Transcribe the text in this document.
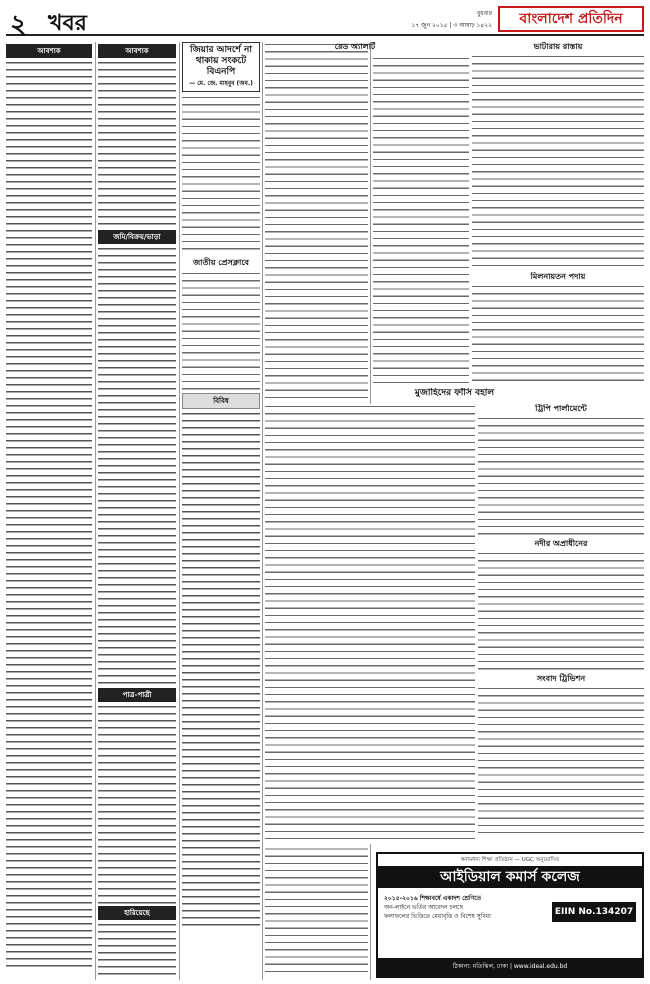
২ খবর	বুধবার
১৭ জুন ২০১৫ | ৩ আষাঢ় ১৪২২	বাংলাদেশ প্রতিদিন
আবশ্যক	আবশ্যক
জমি/বিক্রয়/ভাড়া
পাত্র-পাত্রী
হারিয়েছে
জিয়ার আদর্শে না থাকায় সংকটে বিএনপি
— মে. জে. মাহবুব (অব.)
জাতীয় প্রেসক্লাবে
বিবিধ
রেড অ্যালার্ট	ভাটারায় রাস্তায়
মিলনায়তন পদায়
মুজাহিদের ফাঁসি বহাল
ট্রিপি পার্লামেন্টে
নদীর অপ্রাধীনের
সংবাদ ট্রিভিশন
স্বনামধন্য শিক্ষা প্রতিষ্ঠান — UGC অনুমোদিত
আইডিয়াল কমার্স কলেজ
EIIN No.134207
২০১৫-২০১৬ শিক্ষাবর্ষে একাদশ শ্রেণিতে
অন-লাইনে ভর্তির আবেদন চলছে
ফলাফলের ভিত্তিতে মেধাবৃত্তি ও বিশেষ সুবিধা
ঠিকানা: মতিঝিল, ঢাকা | www.ideal.edu.bd
